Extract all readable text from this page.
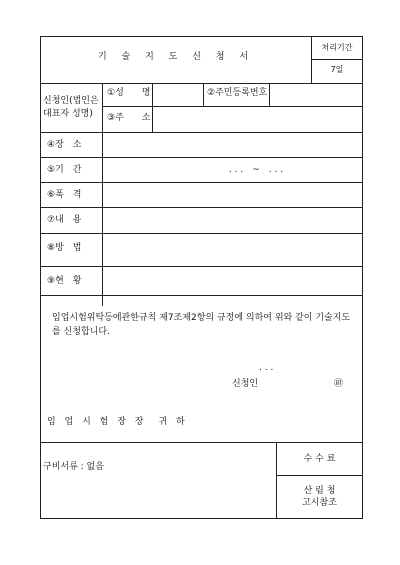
기 술 지 도 신 청 서
처리기간
7일
신청인(법인은 대표자 성명)
①성　　명	②주민등록번호
③주　　소
④장　소
⑤기　간	. . .　~　. . .
⑥폭　격
⑦내　용
⑧방　법
⑨현　황
임업시험위탁등에관한규칙 제7조제2항의 규정에 의하여 위와 같이 기술지도를 신청합니다.
. . .
신청인	㊞
임 업 시 험 장 장　귀 하
구비서류 : 없음
수 수 료
산 림 청
고시참조
